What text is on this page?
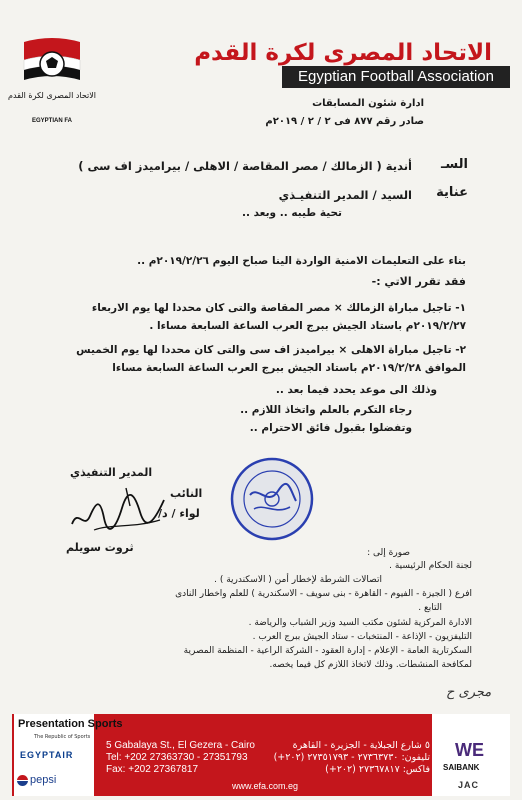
الاتحاد المصرى لكرة القدم
EGYPTIAN FA
الاتحاد المصرى لكرة القدم
Egyptian Football Association
ادارة شئون المسابقات
صادر رقم ٨٧٧ فى ٢ / ٢ / ٢٠١٩م
السـ
أندية ( الزمالك / مصر المقاصة / الاهلى / بيراميدز اف سى )
عناية
السيد / المدير التنفيـذي
تحية طيبه .. وبعد ..
بناء على التعليمات الامنية الواردة الينا صباح اليوم ٢٠١٩/٢/٢٦م ..
فقد تقرر الاتي :-
١- تاجيل مباراة الزمالك × مصر المقاصة والتى كان محددا لها يوم الاربعاء
٢٠١٩/٢/٢٧م باستاد الجيش ببرج العرب الساعة السابعة مساءا .
٢- تاجيل مباراة الاهلى × بيراميدز اف سى والتى كان محددا لها يوم الخميس
الموافق ٢٠١٩/٢/٢٨م باستاد الجيش ببرج العرب الساعة السابعة مساءا
وذلك الى موعد يحدد فيما بعد ..
رجاء التكرم بالعلم واتخاذ اللازم ..
وتفضلوا بقبول فائق الاحترام ..
المدير التنفيذي
النائب
لواء / د/
ثروت سويلم	صورة إلى :
لجنة الحكام الرئيسية .
اتصالات الشرطة لإخطار أمن ( الاسكندرية ) .
افرع ( الجيزة - الفيوم - القاهرة - بنى سويف - الاسكندرية ) للعلم واخطار النادى
التابع .
الادارة المركزية لشئون مكتب السيد وزير الشباب والرياضة .
التليفزيون - الإذاعة - المنتخبات - ستاد الجيش ببرج العرب .
السكرتارية العامة - الإعلام - إدارة العقود - الشركة الراعية - المنظمة المصرية
لمكافحة المنشطات. وذلك لاتخاذ اللازم كل فيما يخصه.
مجرى ح
Presentation Sports
The Republic of Sports
EGYPTAIR
pepsi
5 Gabalaya St., El Gezera - Cairo
Tel: +202 27363730 - 27351793
Fax: +202 27367817
٥ شارع الجبلاية - الجزيرة - القاهرة
تليفون: ٢٧٣٦٣٧٣٠ - ٢٧٣٥١٧٩٣ (٢٠٢+)
فاكس: ٢٧٣٦٧٨١٧ (٢٠٢+)
www.efa.com.eg
WE
SAIBANK
JAC
